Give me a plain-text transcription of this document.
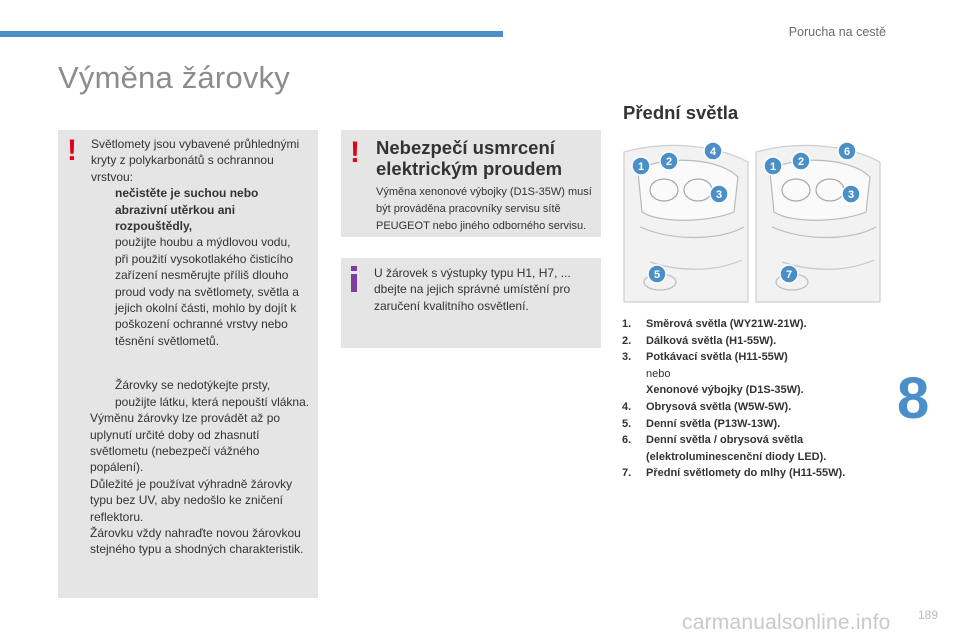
Porucha na cestě
Výměna žárovky
! Světlomety jsou vybavené průhlednými kryty z polykarbonátů s ochrannou vrstvou:

nečistěte je suchou nebo abrazivní utěrkou ani rozpouštědly,
použijte houbu a mýdlovou vodu,
při použití vysokotlakého čisticího zařízení nesměrujte příliš dlouho proud vody na světlomety, světla a jejich okolní části, mohlo by dojít k poškození ochranné vrstvy nebo těsnění světlometů.
Žárovky se nedotýkejte prsty, použijte látku, která nepouští vlákna.

Výměnu žárovky lze provádět až po uplynutí určité doby od zhasnutí světlometu (nebezpečí vážného popálení).
Důležité je používat výhradně žárovky typu bez UV, aby nedošlo ke zničení reflektoru.
Žárovku vždy nahraďte novou žárovkou stejného typu a shodných charakteristik.

! Nebezpečí usmrcení elektrickým proudem
Výměna xenonové výbojky (D1S-35W) musí být prováděna pracovníky servisu sítě PEUGEOT nebo jiného odborného servisu.
U žárovek s výstupky typu H1, H7, ... dbejte na jejich správné umístění pro zaručení kvalitního osvětlení.
Přední světla
1 2
4
3
5
1 2
6
3
7
1. Směrová světla (WY21W-21W).
2. Dálková světla (H1-55W).
3. Potkávací světla (H11-55W)
nebo
Xenonové výbojky (D1S-35W).
4. Obrysová světla (W5W-5W).
5. Denní světla (P13W-13W).
6. Denní světla / obrysová světla (elektroluminescenční diody LED).
7. Přední světlomety do mlhy (H11-55W).
8
carmanualsonline.info 189
